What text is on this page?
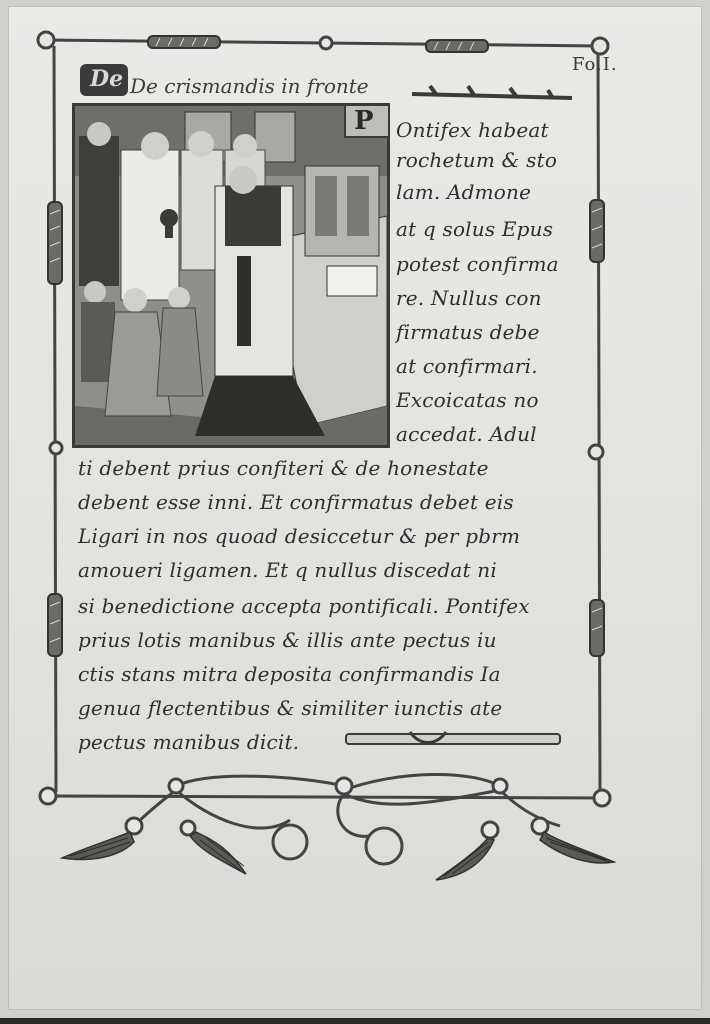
Fo.I.
De De crismandis in fronte
P Ontifex habeat
rochetum & sto
lam. Admone
at q solus Epus
potest confirma
re. Nullus con
firmatus debe
at confirmari.
Excoicatas no
accedat. Adul
ti debent prius confiteri & de honestate
debent esse inni. Et confirmatus debet eis
Ligari in nos quoad desiccetur & per pbrm
amoueri ligamen. Et q nullus discedat ni
si benedictione accepta pontificali. Pontifex
prius lotis manibus & illis ante pectus iu
ctis stans mitra deposita confirmandis Ia
genua flectentibus & similiter iunctis ate
pectus manibus dicit.
